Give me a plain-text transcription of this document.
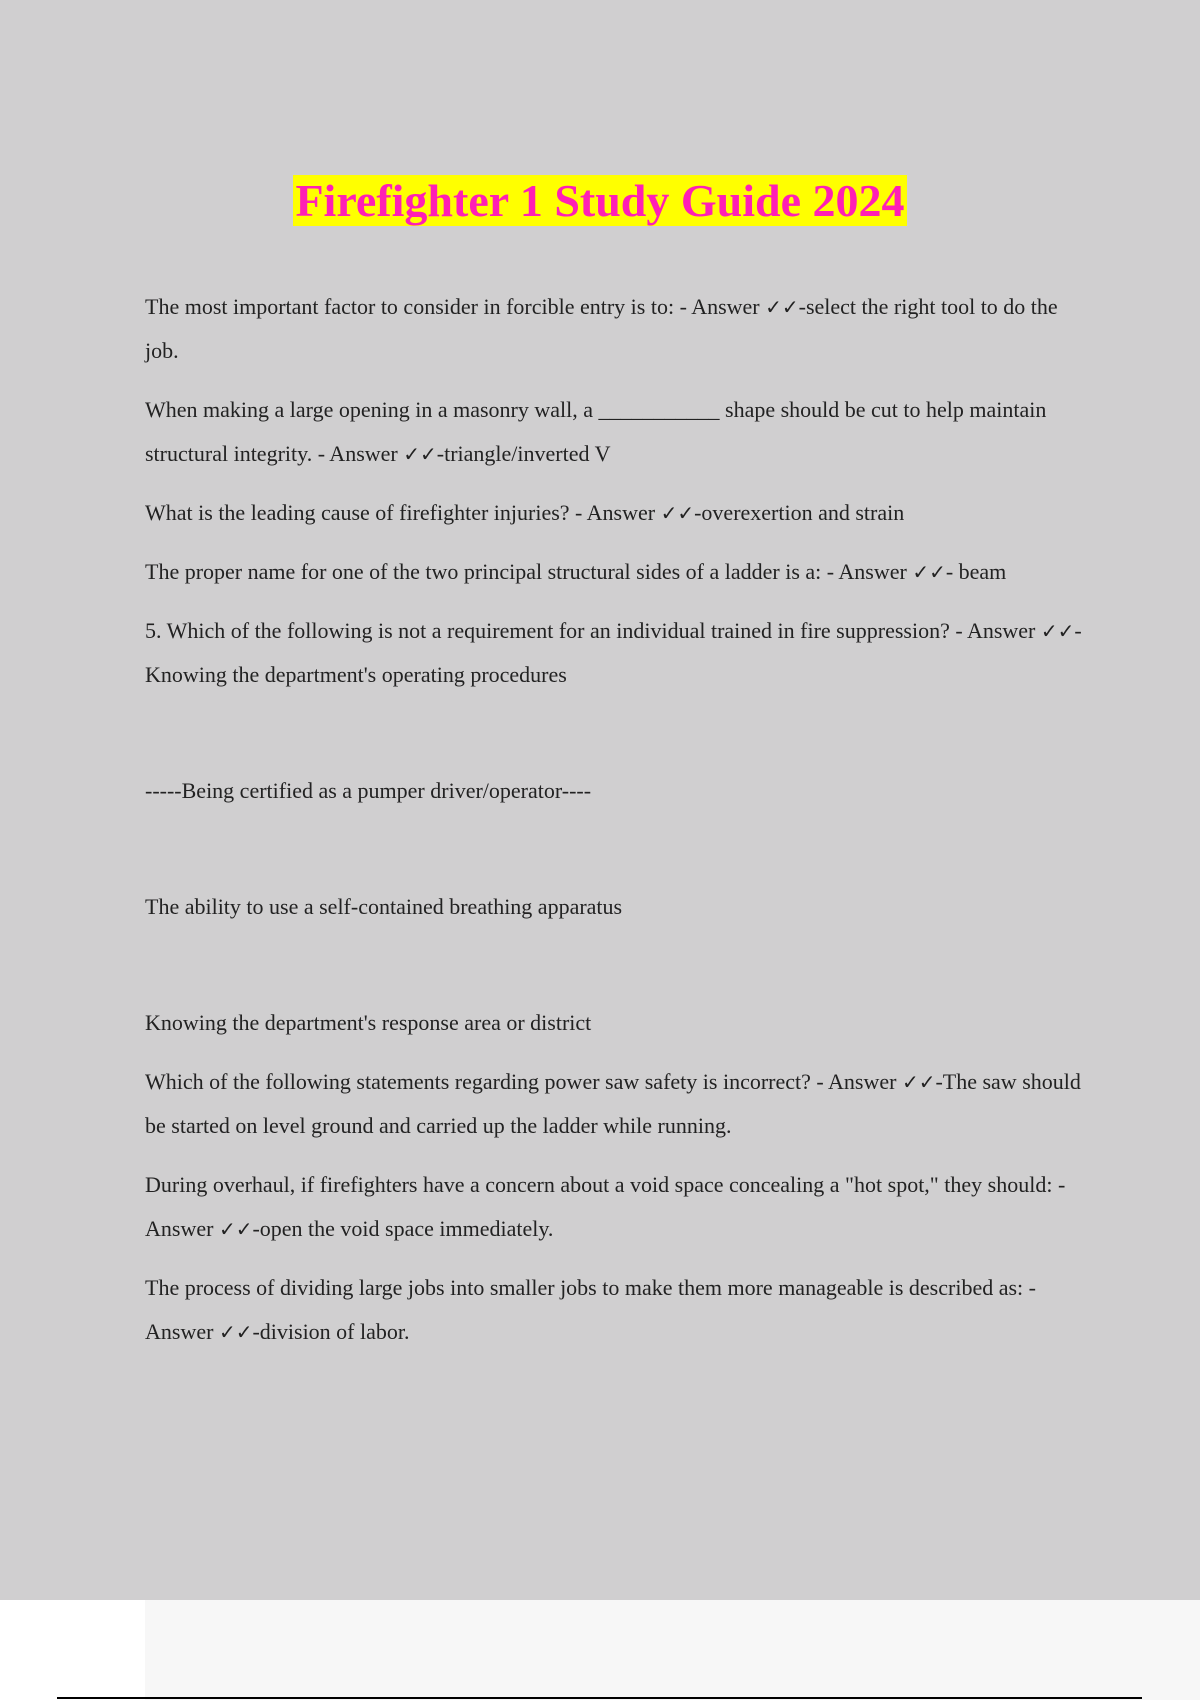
Firefighter 1 Study Guide 2024

The most important factor to consider in forcible entry is to: - Answer ✓✓-select the right tool to do the job.

When making a large opening in a masonry wall, a ___________ shape should be cut to help maintain structural integrity. - Answer ✓✓-triangle/inverted V

What is the leading cause of firefighter injuries? - Answer ✓✓-overexertion and strain

The proper name for one of the two principal structural sides of a ladder is a: - Answer ✓✓- beam

5. Which of the following is not a requirement for an individual trained in fire suppression? - Answer ✓✓-Knowing the department's operating procedures

-----Being certified as a pumper driver/operator----

The ability to use a self-contained breathing apparatus

Knowing the department's response area or district

Which of the following statements regarding power saw safety is incorrect? - Answer ✓✓-The saw should be started on level ground and carried up the ladder while running.

During overhaul, if firefighters have a concern about a void space concealing a "hot spot," they should: - Answer ✓✓-open the void space immediately.

The process of dividing large jobs into smaller jobs to make them more manageable is described as: - Answer ✓✓-division of labor.
